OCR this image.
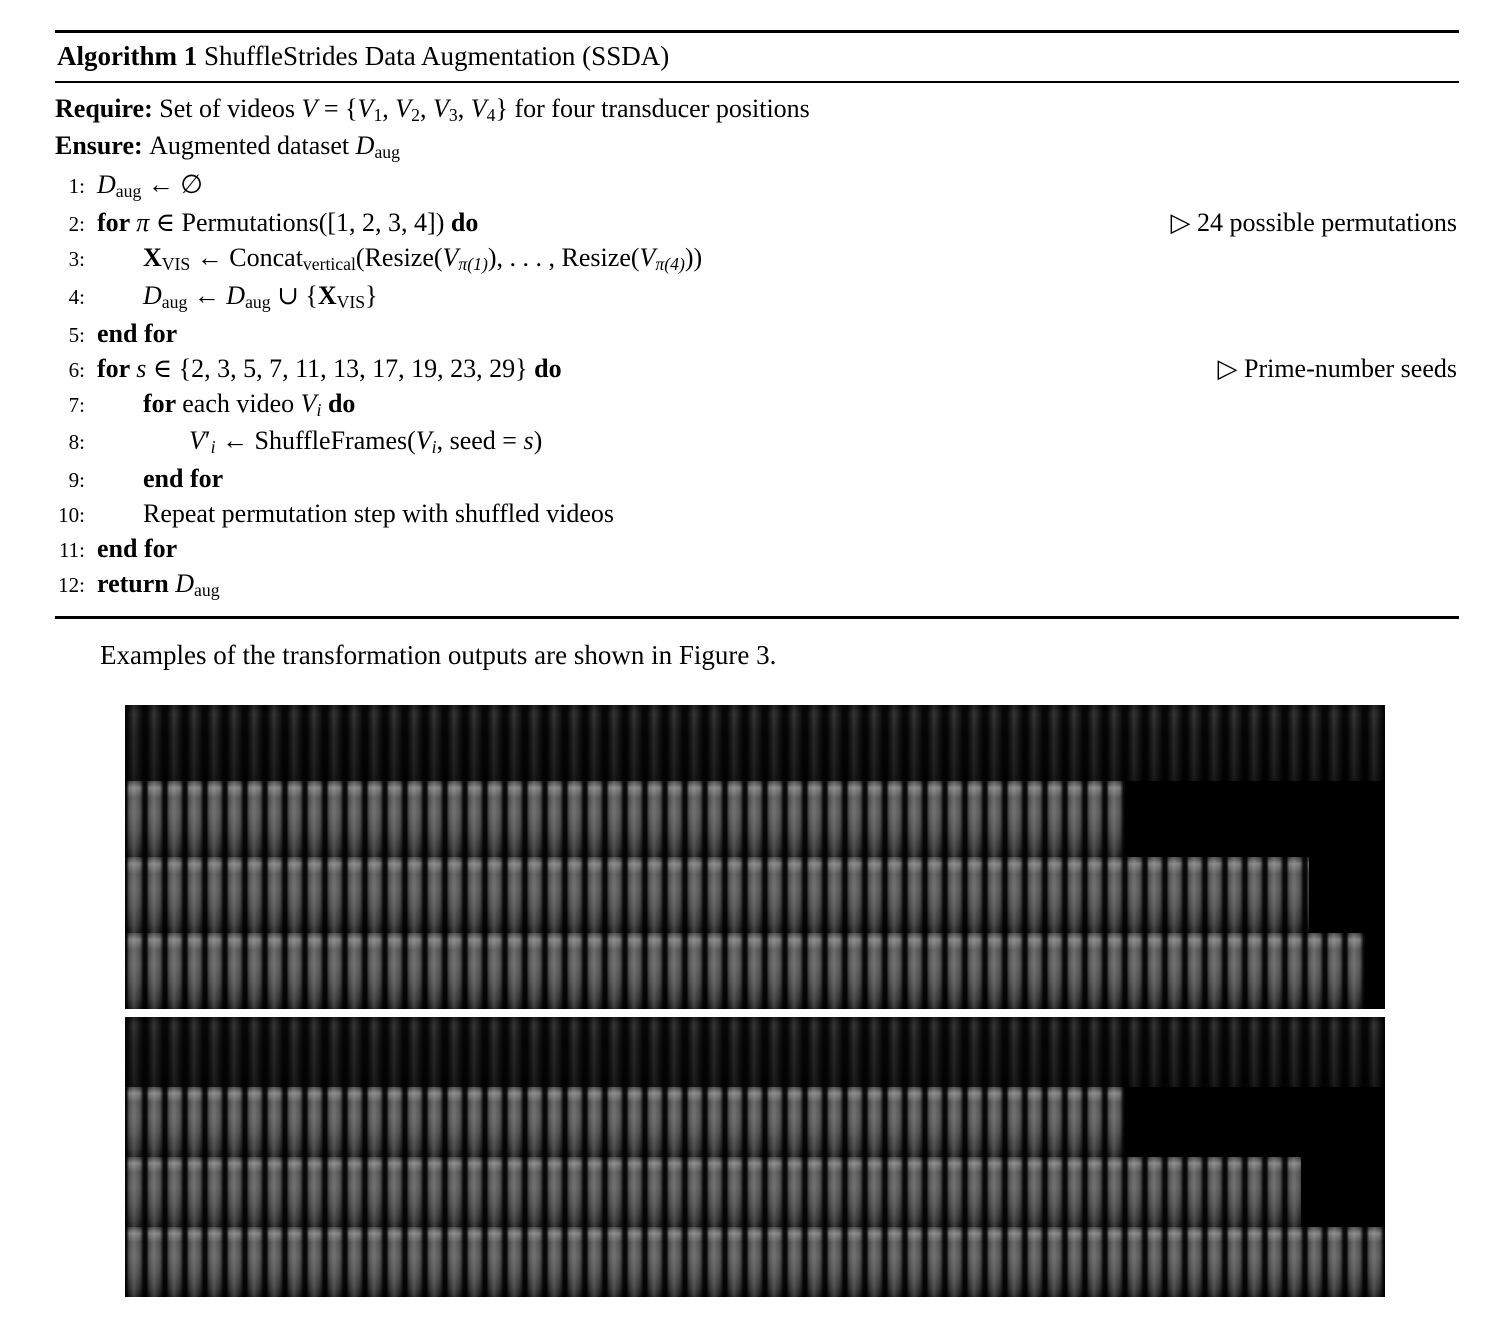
Algorithm 1 ShuffleStrides Data Augmentation (SSDA)
Require: Set of videos V = {V1, V2, V3, V4} for four transducer positions
Ensure: Augmented dataset Daug
1: Daug ← ∅
2: for π ∈ Permutations([1, 2, 3, 4]) do	▷ 24 possible permutations
3:	XVIS ← Concatvertical(Resize(Vπ(1)), . . . , Resize(Vπ(4)))
4:	Daug ← Daug ∪ {XVIS}
5: end for
6: for s ∈ {2, 3, 5, 7, 11, 13, 17, 19, 23, 29} do	▷ Prime-number seeds
7:	for each video Vi do
8:	V′i ← ShuffleFrames(Vi, seed = s)
9:	end for
10:	Repeat permutation step with shuffled videos
11: end for
12: return Daug
Examples of the transformation outputs are shown in Figure 3.
